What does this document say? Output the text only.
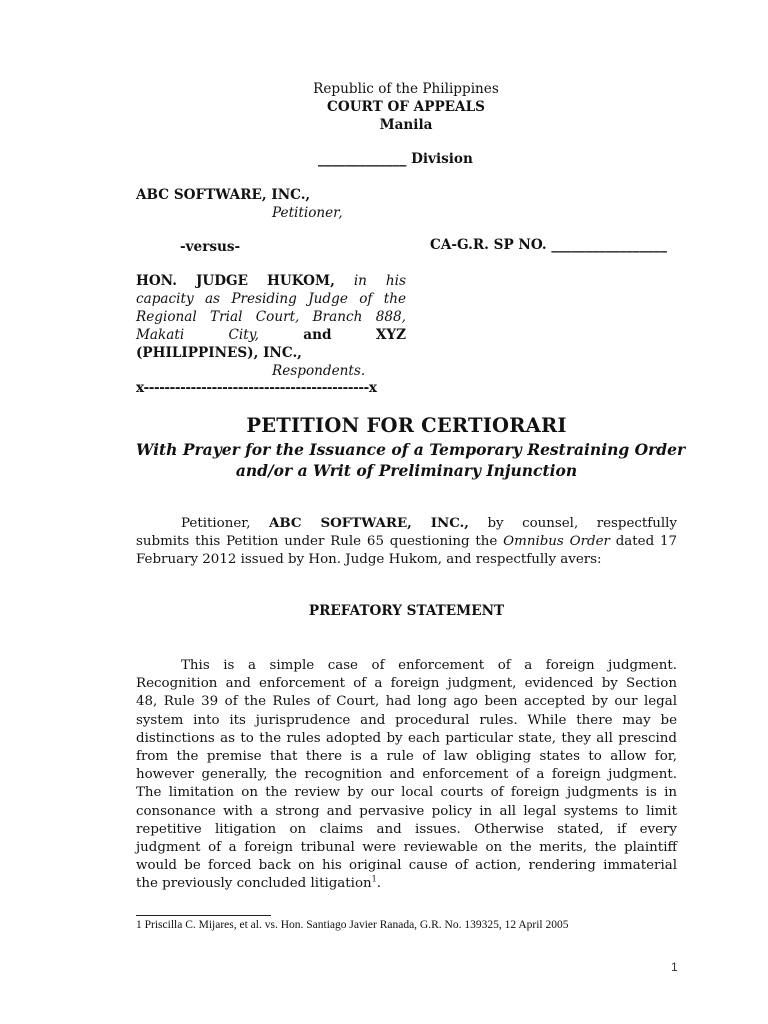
Republic of the Philippines
COURT OF APPEALS
Manila
_____________ Division
ABC SOFTWARE, INC.,
Petitioner,
-versus-	CA-G.R. SP NO. _________________
HON. JUDGE HUKOM, in his
capacity as Presiding Judge of the
Regional Trial Court, Branch 888,
Makati	City,	and	XYZ
(PHILIPPINES), INC.,
Respondents.
x-------------------------------------------x
PETITION FOR CERTIORARI
With Prayer for the Issuance of a Temporary Restraining Order
and/or a Writ of Preliminary Injunction
Petitioner, ABC SOFTWARE, INC., by counsel, respectfully
submits this Petition under Rule 65 questioning the Omnibus Order dated 17
February 2012 issued by Hon. Judge Hukom, and respectfully avers:
PREFATORY STATEMENT
This is a simple case of enforcement of a foreign judgment.
Recognition and enforcement of a foreign judgment, evidenced by Section
48, Rule 39 of the Rules of Court, had long ago been accepted by our legal
system into its jurisprudence and procedural rules. While there may be
distinctions as to the rules adopted by each particular state, they all prescind
from the premise that there is a rule of law obliging states to allow for,
however generally, the recognition and enforcement of a foreign judgment.
The limitation on the review by our local courts of foreign judgments is in
consonance with a strong and pervasive policy in all legal systems to limit
repetitive litigation on claims and issues. Otherwise stated, if every
judgment of a foreign tribunal were reviewable on the merits, the plaintiff
would be forced back on his original cause of action, rendering immaterial
the previously concluded litigation$^1$.
1 Priscilla C. Mijares, et al. vs. Hon. Santiago Javier Ranada, G.R. No. 139325, 12 April 2005
1
